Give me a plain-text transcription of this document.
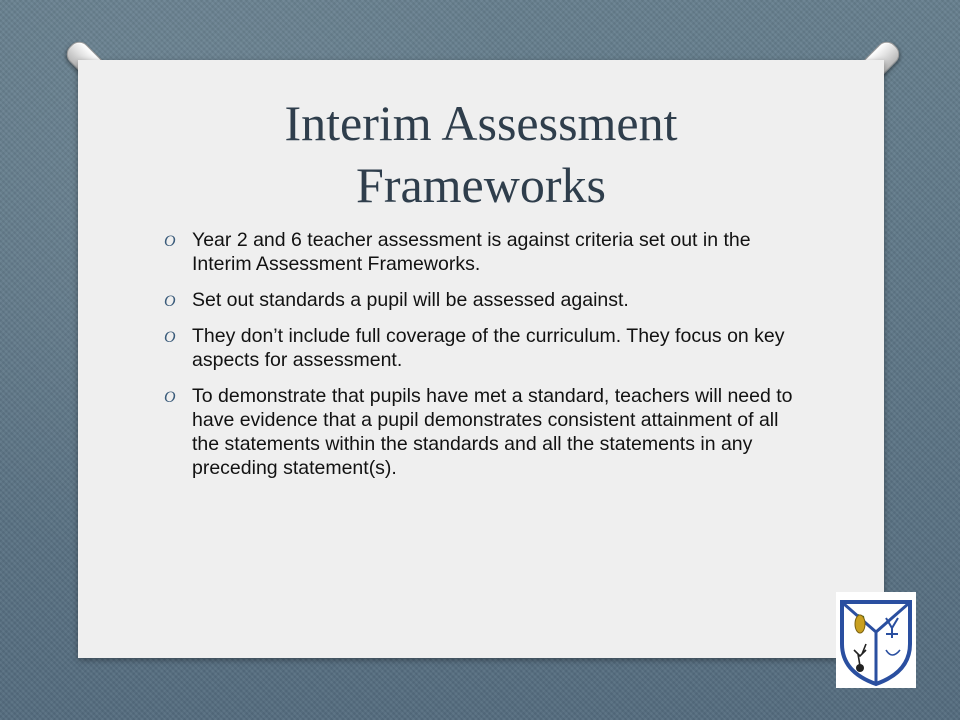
Interim Assessment
Frameworks
O Year 2 and 6 teacher assessment is against criteria set out in the Interim Assessment Frameworks.
O Set out standards a pupil will be assessed against.
O They don’t include full coverage of the curriculum. They focus on key aspects for assessment.
O To demonstrate that pupils have met a standard, teachers will need to have evidence that a pupil demonstrates consistent attainment of all the statements within the standards and all the statements in any preceding statement(s).
